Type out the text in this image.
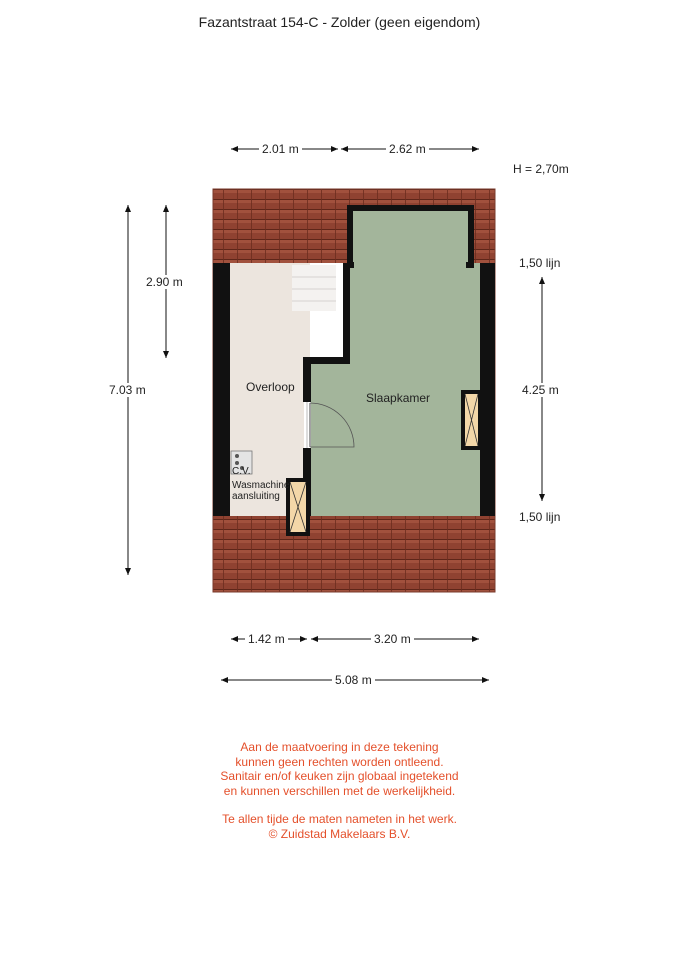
Fazantstraat 154-C - Zolder (geen eigendom)
H = 2,70m
2.01 m	2.62 m
2.90 m
7.03 m
1,50 lijn
4.25 m
1,50 lijn
1.42 m	3.20 m
5.08 m
Overloop
Slaapkamer
C.V.
Wasmachine
aansluiting
Aan de maatvoering in deze tekening
kunnen geen rechten worden ontleend.
Sanitair en/of keuken zijn globaal ingetekend
en kunnen verschillen met de werkelijkheid.
Te allen tijde de maten nameten in het werk.
© Zuidstad Makelaars B.V.
